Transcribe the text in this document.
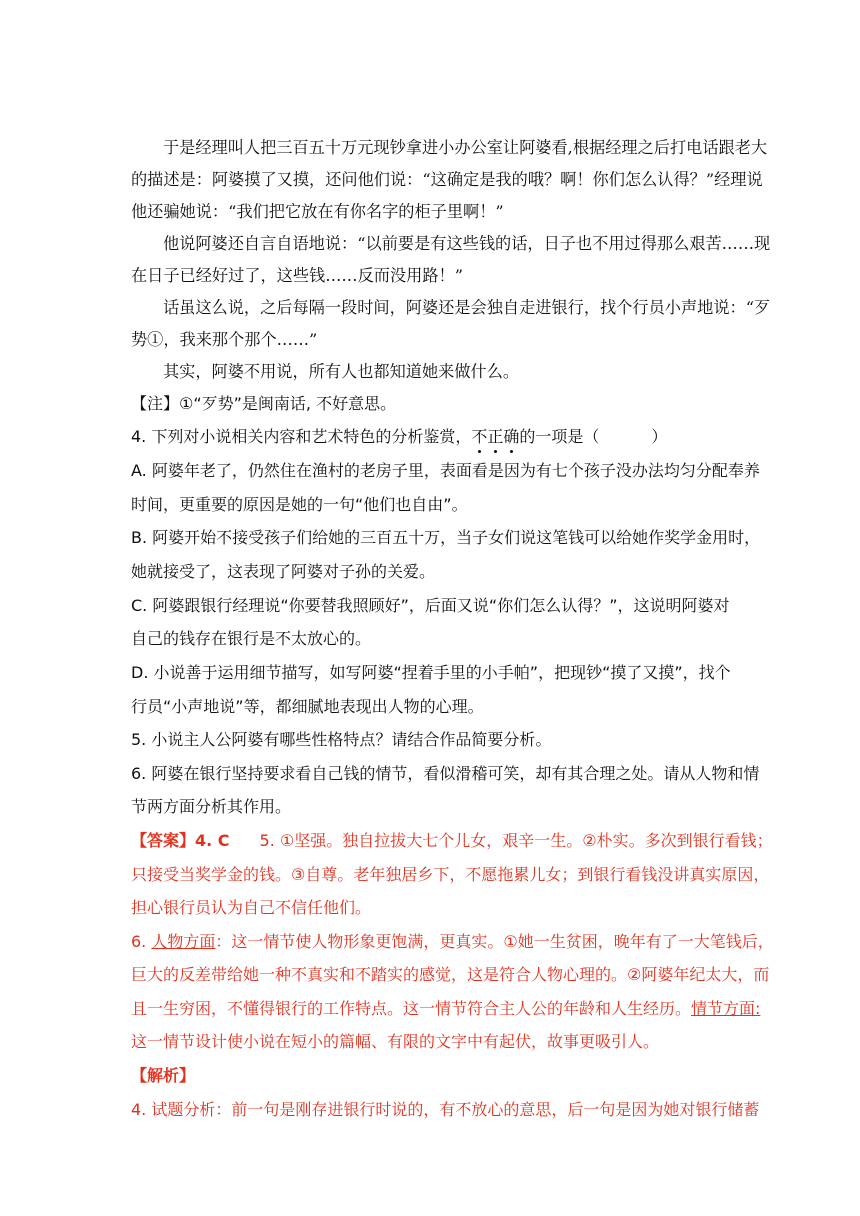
于是经理叫人把三百五十万元现钞拿进小办公室让阿婆看,根据经理之后打电话跟老大
的描述是：阿婆摸了又摸，还问他们说：“这确定是我的哦？啊！你们怎么认得？”经理说
他还骗她说：“我们把它放在有你名字的柜子里啊！”
他说阿婆还自言自语地说：“以前要是有这些钱的话，日子也不用过得那么艰苦……现
在日子已经好过了，这些钱……反而没用路！”
话虽这么说，之后每隔一段时间，阿婆还是会独自走进银行，找个行员小声地说：“歹
势①，我来那个那个……”
其实，阿婆不用说，所有人也都知道她来做什么。
【注】①“歹势”是闽南话, 不好意思。
4. 下列对小说相关内容和艺术特色的分析鉴赏，不正确的一项是（	）
A. 阿婆年老了，仍然住在渔村的老房子里，表面看是因为有七个孩子没办法均匀分配奉养
时间，更重要的原因是她的一句“他们也自由”。
B. 阿婆开始不接受孩子们给她的三百五十万，当子女们说这笔钱可以给她作奖学金用时，
她就接受了，这表现了阿婆对子孙的关爱。
C. 阿婆跟银行经理说“你要替我照顾好”，后面又说“你们怎么认得？”，这说明阿婆对
自己的钱存在银行是不太放心的。
D. 小说善于运用细节描写，如写阿婆“捏着手里的小手帕”，把现钞“摸了又摸”，找个
行员“小声地说”等，都细腻地表现出人物的心理。
5. 小说主人公阿婆有哪些性格特点？请结合作品简要分析。
6. 阿婆在银行坚持要求看自己钱的情节，看似滑稽可笑，却有其合理之处。请从人物和情
节两方面分析其作用。
【答案】4. C 5. ①坚强。独自拉拔大七个儿女，艰辛一生。②朴实。多次到银行看钱；
只接受当奖学金的钱。③自尊。老年独居乡下，不愿拖累儿女；到银行看钱没讲真实原因，
担心银行员认为自己不信任他们。
6. 人物方面：这一情节使人物形象更饱满，更真实。①她一生贫困，晚年有了一大笔钱后，
巨大的反差带给她一种不真实和不踏实的感觉，这是符合人物心理的。②阿婆年纪太大，而
且一生穷困，不懂得银行的工作特点。这一情节符合主人公的年龄和人生经历。情节方面:
这一情节设计使小说在短小的篇幅、有限的文字中有起伏，故事更吸引人。
【解析】
4. 试题分析：前一句是刚存进银行时说的，有不放心的意思，后一句是因为她对银行储蓄
